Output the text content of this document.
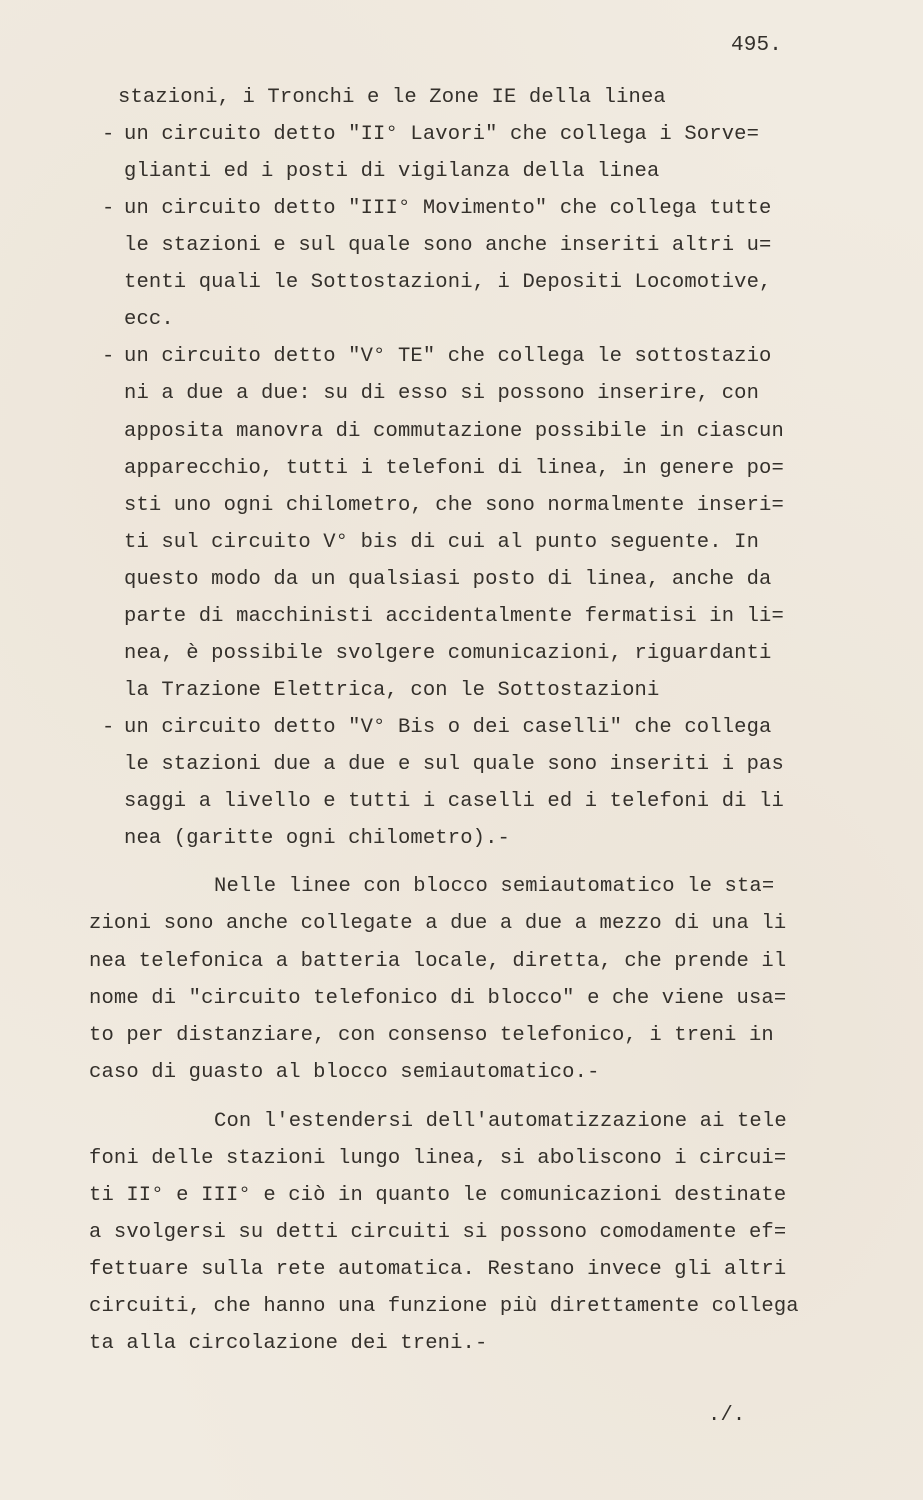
495.
stazioni, i Tronchi e le Zone IE della linea
- un circuito detto "II° Lavori" che collega i Sorve=
glianti ed i posti di vigilanza della linea
- un circuito detto "III° Movimento" che collega tutte
le stazioni e sul quale sono anche inseriti altri u=
tenti quali le Sottostazioni, i Depositi Locomotive,
ecc.
- un circuito detto "V° TE" che collega le sottostazio
ni a due a due: su di esso si possono inserire, con
apposita manovra di commutazione possibile in ciascun
apparecchio, tutti i telefoni di linea, in genere po=
sti uno ogni chilometro, che sono normalmente inseri=
ti sul circuito V° bis di cui al punto seguente. In
questo modo da un qualsiasi posto di linea, anche da
parte di macchinisti accidentalmente fermatisi in li=
nea, è possibile svolgere comunicazioni, riguardanti
la Trazione Elettrica, con le Sottostazioni
- un circuito detto "V° Bis o dei caselli" che collega
le stazioni due a due e sul quale sono inseriti i pas
saggi a livello e tutti i caselli ed i telefoni di li
nea (garitte ogni chilometro).-
Nelle linee con blocco semiautomatico le sta=
zioni sono anche collegate a due a due a mezzo di una li
nea telefonica a batteria locale, diretta, che prende il
nome di "circuito telefonico di blocco" e che viene usa=
to per distanziare, con consenso telefonico, i treni in
caso di guasto al blocco semiautomatico.-
Con l'estendersi dell'automatizzazione ai tele
foni delle stazioni lungo linea, si aboliscono i circui=
ti II° e III° e ciò in quanto le comunicazioni destinate
a svolgersi su detti circuiti si possono comodamente ef=
fettuare sulla rete automatica. Restano invece gli altri
circuiti, che hanno una funzione più direttamente collega
ta alla circolazione dei treni.-
./.
